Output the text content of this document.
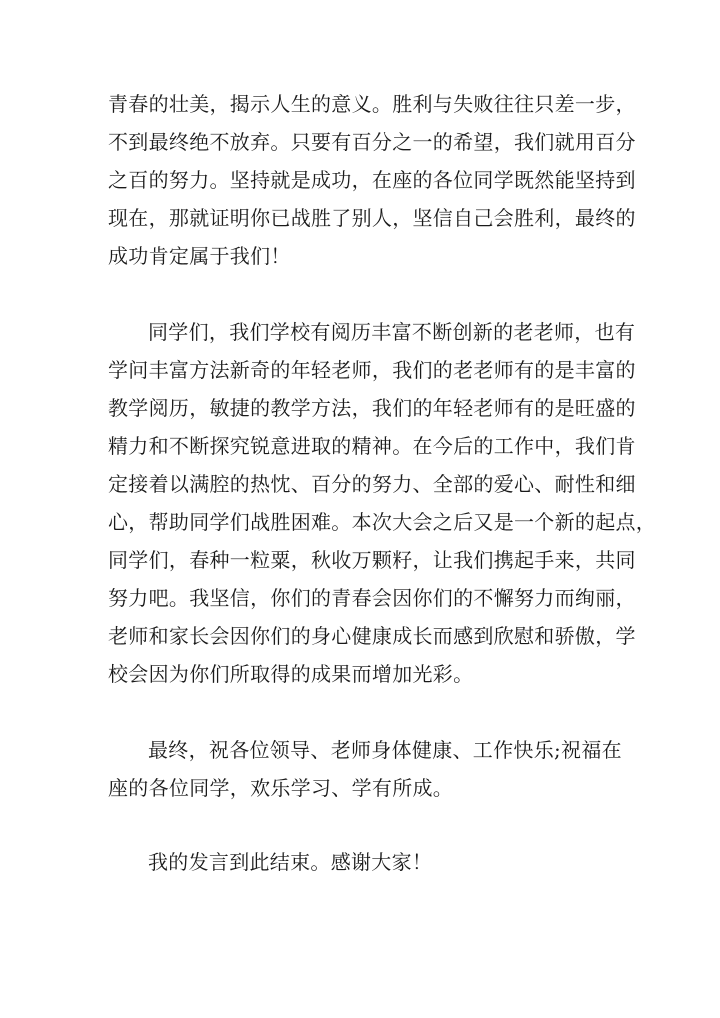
青春的壮美，揭示人生的意义。胜利与失败往往只差一步，
不到最终绝不放弃。只要有百分之一的希望，我们就用百分
之百的努力。坚持就是成功，在座的各位同学既然能坚持到
现在，那就证明你已战胜了别人，坚信自己会胜利，最终的
成功肯定属于我们！
同学们，我们学校有阅历丰富不断创新的老老师，也有
学问丰富方法新奇的年轻老师，我们的老老师有的是丰富的
教学阅历，敏捷的教学方法，我们的年轻老师有的是旺盛的
精力和不断探究锐意进取的精神。在今后的工作中，我们肯
定接着以满腔的热忱、百分的努力、全部的爱心、耐性和细
心，帮助同学们战胜困难。本次大会之后又是一个新的起点，
同学们，春种一粒粟，秋收万颗籽，让我们携起手来，共同
努力吧。我坚信，你们的青春会因你们的不懈努力而绚丽，
老师和家长会因你们的身心健康成长而感到欣慰和骄傲，学
校会因为你们所取得的成果而增加光彩。
最终，祝各位领导、老师身体健康、工作快乐;祝福在
座的各位同学，欢乐学习、学有所成。
我的发言到此结束。感谢大家！
